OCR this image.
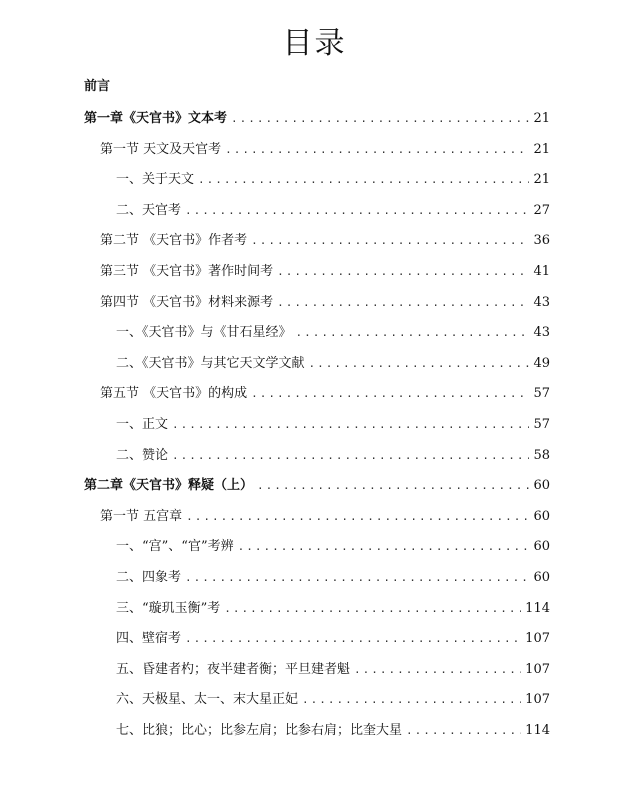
目录
前言
第一章《天官书》文本考 .....	21
第一节 天文及天官考 .....	21
一、关于天文 .....	21
二、天官考 .....	27
第二节 《天官书》作者考 .....	36
第三节 《天官书》著作时间考 .....	41
第四节 《天官书》材料来源考 .....	43
一、《天官书》与《甘石星经》 .....	43
二、《天官书》与其它天文学文献 .....	49
第五节 《天官书》的构成 .....	57
一、正文 .....	57
二、赞论 .....	58
第二章《天官书》释疑（上） .....	60
第一节 五宫章 .....	60
一、“宫”、“官”考辨 .....	60
二、四象考 .....	60
三、“璇玑玉衡”考 .....	114
四、壁宿考 .....	107
五、昏建者杓；夜半建者衡；平旦建者魁 .....	107
六、天极星、太一、末大星正妃 .....	107
七、比狼；比心；比参左肩；比参右肩；比奎大星 .....	114
